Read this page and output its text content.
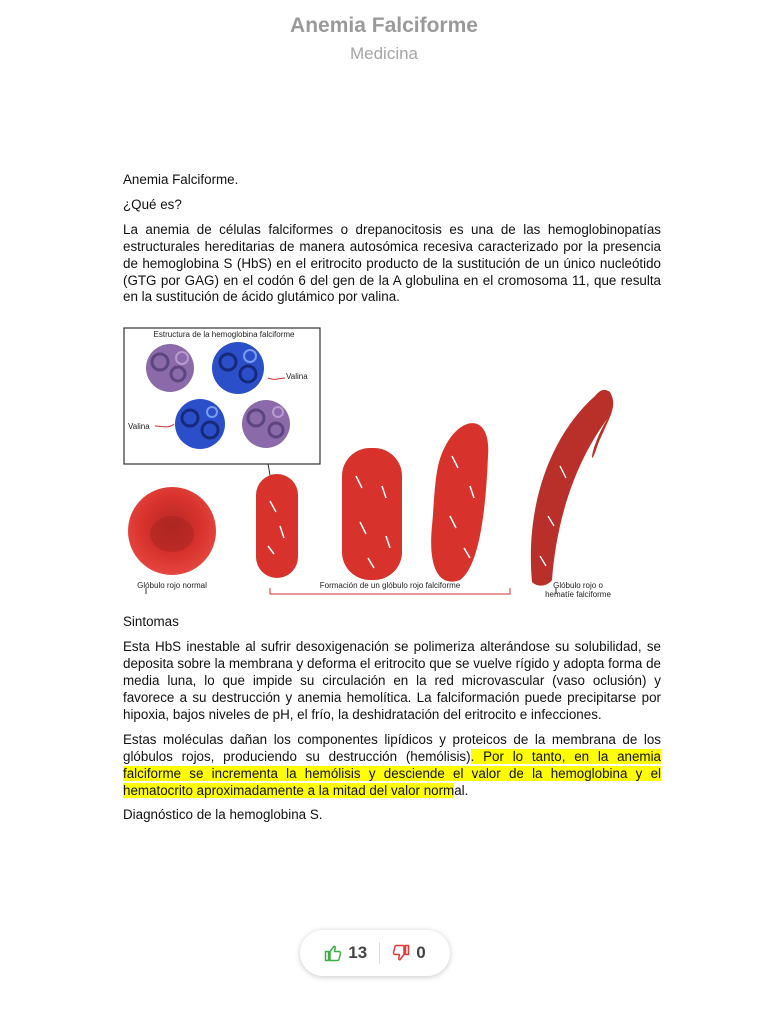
Anemia Falciforme
Medicina

Anemia Falciforme.

¿Qué es?

La anemia de células falciformes o drepanocitosis es una de las hemoglobinopatías estructurales hereditarias de manera autosómica recesiva caracterizado por la presencia de hemoglobina S (HbS) en el eritrocito producto de la sustitución de un único nucleótido (GTG por GAG) en el codón 6 del gen de la A globulina en el cromosoma 11, que resulta en la sustitución de ácido glutámico por valina.

Estructura de la hemoglobina falciforme
Valina
Valina
Glóbulo rojo normal	Formación de un glóbulo rojo falciforme	Glóbulo rojo o
hematíe falciforme

Sintomas

Esta HbS inestable al sufrir desoxigenación se polimeriza alterándose su solubilidad, se deposita sobre la membrana y deforma el eritrocito que se vuelve rígido y adopta forma de media luna, lo que impide su circulación en la red microvascular (vaso oclusión) y favorece a su destrucción y anemia hemolítica. La falciformación puede precipitarse por hipoxia, bajos niveles de pH, el frío, la deshidratación del eritrocito e infecciones.

Estas moléculas dañan los componentes lipídicos y proteicos de la membrana de los glóbulos rojos, produciendo su destrucción (hemólisis). Por lo tanto, en la anemia falciforme se incrementa la hemólisis y desciende el valor de la hemoglobina y el hematocrito aproximadamente a la mitad del valor normal.

Diagnóstico de la hemoglobina S.

13	0
